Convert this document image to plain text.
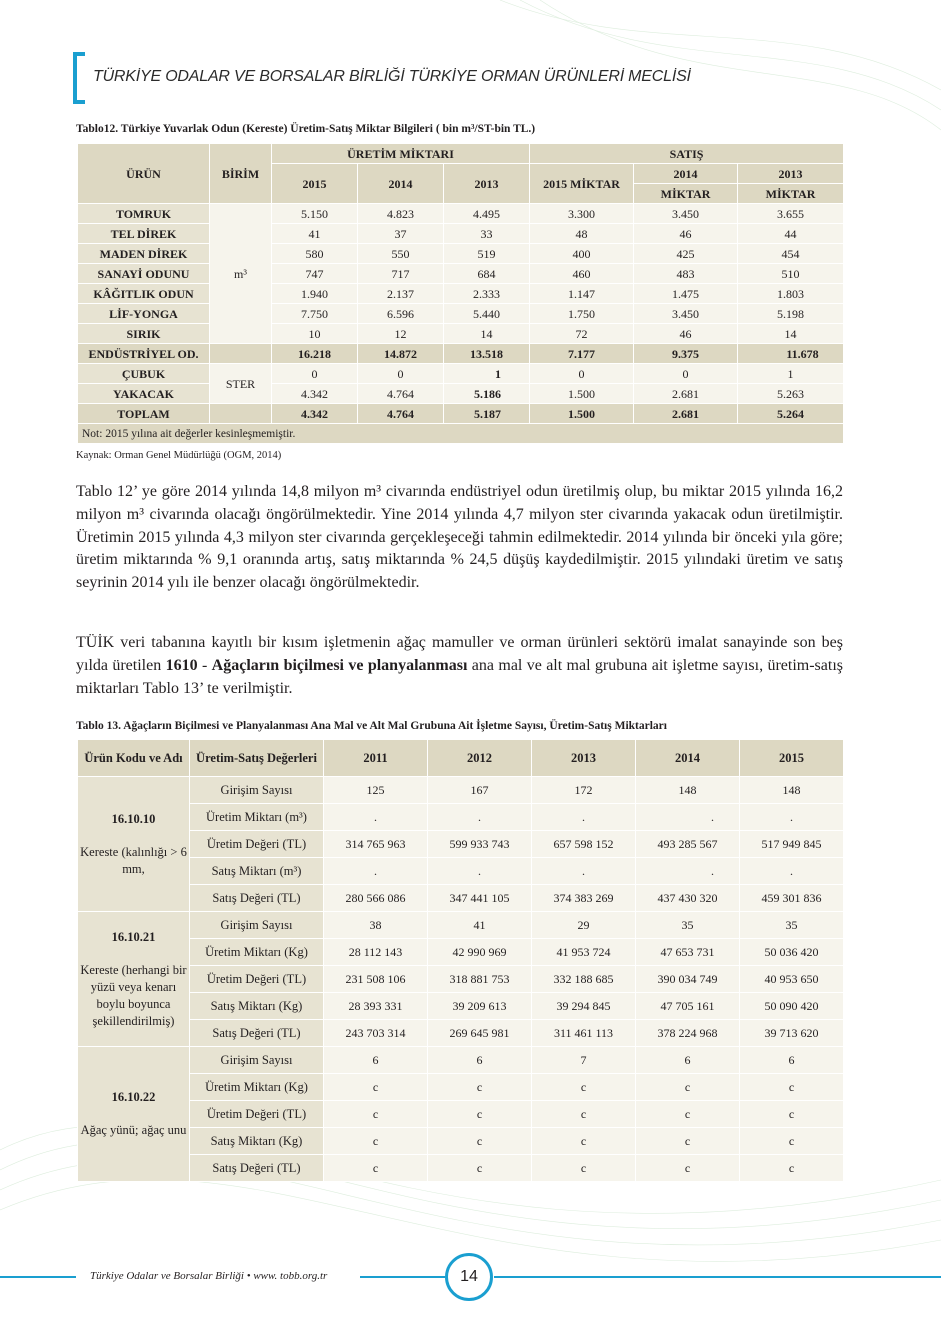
TÜRKİYE ODALAR VE BORSALAR BİRLİĞİ TÜRKİYE ORMAN ÜRÜNLERİ MECLİSİ
Tablo12. Türkiye Yuvarlak Odun (Kereste) Üretim-Satış Miktar Bilgileri ( bin m³/ST-bin TL.)
ÜRÜN	BİRİM	ÜRETİM MİKTARI			SATIŞ		
		2015	2014	2013	2015 MİKTAR	2014	2013
						MİKTAR	MİKTAR
TOMRUK	m³	5.150	4.823	4.495	3.300	3.450	3.655
TEL DİREK		41	37	33	48	46	44
MADEN DİREK		580	550	519	400	425	454
SANAYİ ODUNU		747	717	684	460	483	510
KÂĞITLIK ODUN		1.940	2.137	2.333	1.147	1.475	1.803
LİF-YONGA		7.750	6.596	5.440	1.750	3.450	5.198
SIRIK		10	12	14	72	46	14
ENDÜSTRİYEL OD.		16.218	14.872	13.518	7.177	9.375	11.678
ÇUBUK	STER	0	0	1	0	0	1
YAKACAK		4.342	4.764	5.186	1.500	2.681	5.263
TOPLAM		4.342	4.764	5.187	1.500	2.681	5.264
Not: 2015 yılına ait değerler kesinleşmemiştir.							
Kaynak: Orman Genel Müdürlüğü (OGM, 2014)

Tablo 12’ ye göre 2014 yılında 14,8 milyon m³ civarında endüstriyel odun üretilmiş olup, bu miktar 2015 yılında 16,2 milyon m³ civarında olacağı öngörülmektedir. Yine 2014 yılında 4,7 milyon ster civarında yakacak odun üretilmiştir. Üretimin 2015 yılında 4,3 milyon ster civarında gerçekleşeceği tahmin edilmektedir. 2014 yılında bir önceki yıla göre; üretim miktarında % 9,1 oranında artış, satış miktarında % 24,5 düşüş kaydedilmiştir. 2015 yılındaki üretim ve satış seyrinin 2014 yılı ile benzer olacağı öngörülmektedir.

TÜİK veri tabanına kayıtlı bir kısım işletmenin ağaç mamuller ve orman ürünleri sektörü imalat sanayinde son beş yılda üretilen 1610 - Ağaçların biçilmesi ve planyalanması ana mal ve alt mal grubuna ait işletme sayısı, üretim-satış miktarları Tablo 13’ te verilmiştir.

Tablo 13. Ağaçların Biçilmesi ve Planyalanması Ana Mal ve Alt Mal Grubuna Ait İşletme Sayısı, Üretim-Satış Miktarları
Ürün Kodu ve Adı	Üretim-Satış Değerleri	2011	2012	2013	2014	2015

16.10.10
Kereste (kalınlığı > 6 mm,	Girişim Sayısı	125	167	172	148	148
	Üretim Miktarı (m³)	.	.	.	.	.
	Üretim Değeri (TL)	314 765 963	599 933 743	657 598 152	493 285 567	517 949 845
	Satış Miktarı (m³)	.	.	.	.	.
	Satış Değeri (TL)	280 566 086	347 441 105	374 383 269	437 430 320	459 301 836

16.10.21
Kereste (herhangi bir yüzü veya kenarı boylu boyunca şekillendirilmiş)	Girişim Sayısı	38	41	29	35	35
	Üretim Miktarı (Kg)	28 112 143	42 990 969	41 953 724	47 653 731	50 036 420
	Üretim Değeri (TL)	231 508 106	318 881 753	332 188 685	390 034 749	40 953 650
	Satış Miktarı (Kg)	28 393 331	39 209 613	39 294 845	47 705 161	50 090 420
	Satış Değeri (TL)	243 703 314	269 645 981	311 461 113	378 224 968	39 713 620

16.10.22
Ağaç yünü; ağaç unu	Girişim Sayısı	6	6	7	6	6
	Üretim Miktarı (Kg)	c	c	c	c	c
	Üretim Değeri (TL)	c	c	c	c	c
	Satış Miktarı (Kg)	c	c	c	c	c
	Satış Değeri (TL)	c	c	c	c	c
Türkiye Odalar ve Borsalar Birliği • www. tobb.org.tr	14
